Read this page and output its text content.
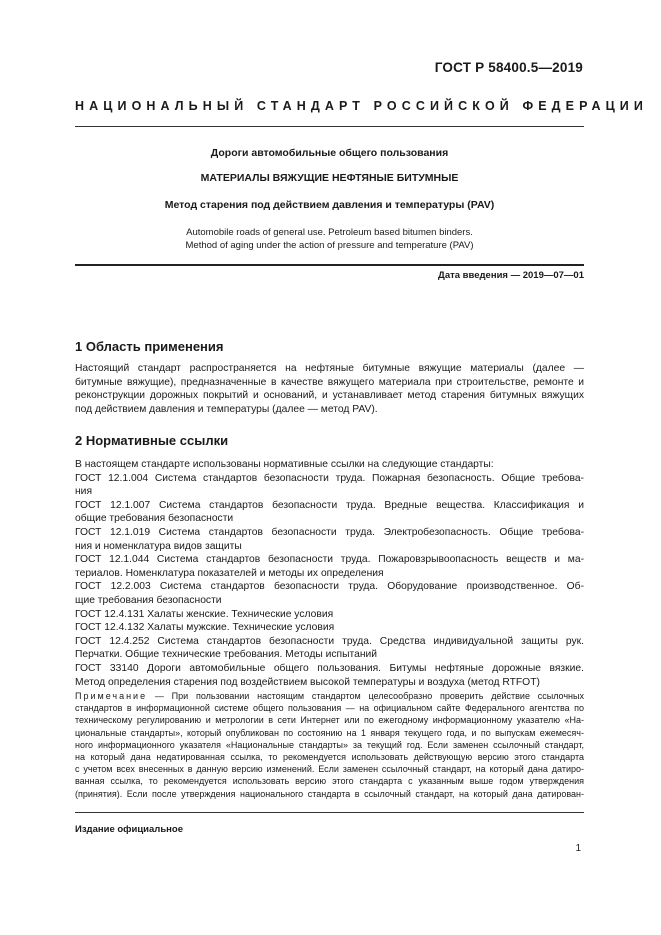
ГОСТ Р 58400.5—2019
НАЦИОНАЛЬНЫЙ СТАНДАРТ РОССИЙСКОЙ ФЕДЕРАЦИИ
Дороги автомобильные общего пользования
МАТЕРИАЛЫ ВЯЖУЩИЕ НЕФТЯНЫЕ БИТУМНЫЕ
Метод старения под действием давления и температуры (PAV)
Automobile roads of general use. Petroleum based bitumen binders.
Method of aging under the action of pressure and temperature (PAV)
Дата введения — 2019—07—01
1 Область применения
Настоящий стандарт распространяется на нефтяные битумные вяжущие материалы (далее —
битумные вяжущие), предназначенные в качестве вяжущего материала при строительстве, ремонте и
реконструкции дорожных покрытий и оснований, и устанавливает метод старения битумных вяжущих
под действием давления и температуры (далее — метод PAV).
2 Нормативные ссылки
В настоящем стандарте использованы нормативные ссылки на следующие стандарты:
ГОСТ 12.1.004 Система стандартов безопасности труда. Пожарная безопасность. Общие требова-
ния
ГОСТ 12.1.007 Система стандартов безопасности труда. Вредные вещества. Классификация и
общие требования безопасности
ГОСТ 12.1.019 Система стандартов безопасности труда. Электробезопасность. Общие требова-
ния и номенклатура видов защиты
ГОСТ 12.1.044 Система стандартов безопасности труда. Пожаровзрывоопасность веществ и ма-
териалов. Номенклатура показателей и методы их определения
ГОСТ 12.2.003 Система стандартов безопасности труда. Оборудование производственное. Об-
щие требования безопасности
ГОСТ 12.4.131 Халаты женские. Технические условия
ГОСТ 12.4.132 Халаты мужские. Технические условия
ГОСТ 12.4.252 Система стандартов безопасности труда. Средства индивидуальной защиты рук.
Перчатки. Общие технические требования. Методы испытаний
ГОСТ 33140 Дороги автомобильные общего пользования. Битумы нефтяные дорожные вязкие.
Метод определения старения под воздействием высокой температуры и воздуха (метод RTFOT)
Примечание — При пользовании настоящим стандартом целесообразно проверить действие ссылочных
стандартов в информационной системе общего пользования — на официальном сайте Федерального агентства по
техническому регулированию и метрологии в сети Интернет или по ежегодному информационному указателю «На-
циональные стандарты», который опубликован по состоянию на 1 января текущего года, и по выпускам ежемесяч-
ного информационного указателя «Национальные стандарты» за текущий год. Если заменен ссылочный стандарт,
на который дана недатированная ссылка, то рекомендуется использовать действующую версию этого стандарта
с учетом всех внесенных в данную версию изменений. Если заменен ссылочный стандарт, на который дана датиро-
ванная ссылка, то рекомендуется использовать версию этого стандарта с указанным выше годом утверждения
(принятия). Если после утверждения национального стандарта в ссылочный стандарт, на который дана датирован-
Издание официальное
1
